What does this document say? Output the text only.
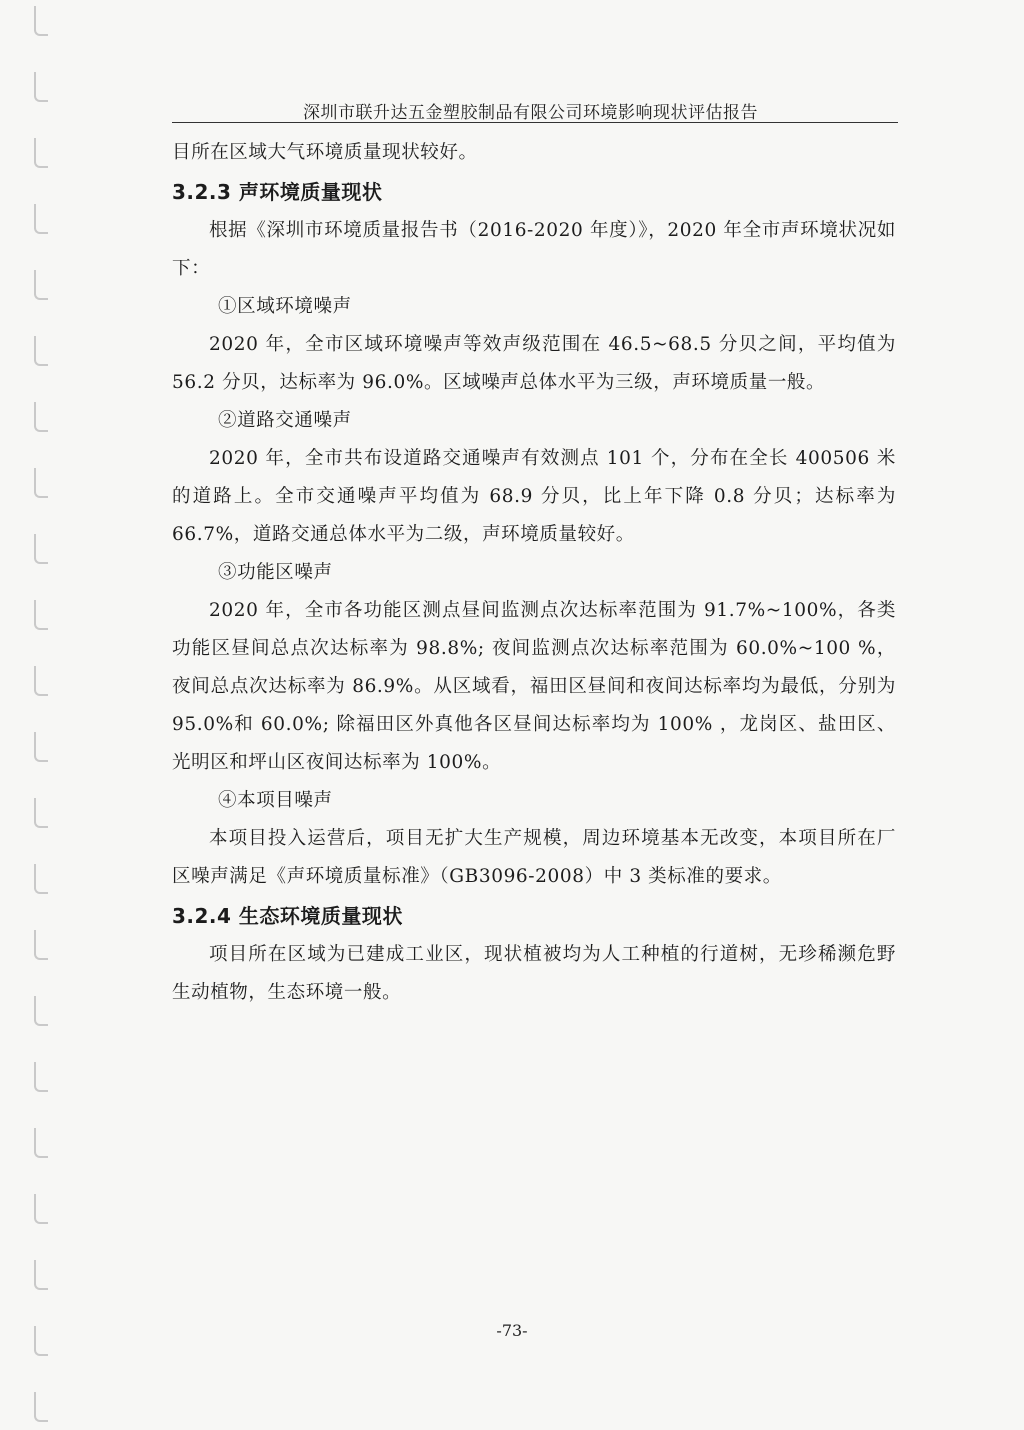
深圳市联升达五金塑胶制品有限公司环境影响现状评估报告

目所在区域大气环境质量现状较好。

3.2.3 声环境质量现状

根据《深圳市环境质量报告书（2016-2020 年度）》，2020 年全市声环境状况如下：

①区域环境噪声

2020 年，全市区域环境噪声等效声级范围在 46.5~68.5 分贝之间，平均值为 56.2 分贝，达标率为 96.0%。区域噪声总体水平为三级，声环境质量一般。

②道路交通噪声

2020 年，全市共布设道路交通噪声有效测点 101 个，分布在全长 400506 米的道路上。全市交通噪声平均值为 68.9 分贝，比上年下降 0.8 分贝；达标率为 66.7%，道路交通总体水平为二级，声环境质量较好。

③功能区噪声

2020 年，全市各功能区测点昼间监测点次达标率范围为 91.7%~100%，各类功能区昼间总点次达标率为 98.8%; 夜间监测点次达标率范围为 60.0%~100 %，夜间总点次达标率为 86.9%。从区域看，福田区昼间和夜间达标率均为最低，分别为 95.0%和 60.0%; 除福田区外真他各区昼间达标率均为 100% ，龙岗区、盐田区、光明区和坪山区夜间达标率为 100%。

④本项目噪声

本项目投入运营后，项目无扩大生产规模，周边环境基本无改变，本项目所在厂区噪声满足《声环境质量标准》（GB3096-2008）中 3 类标准的要求。

3.2.4 生态环境质量现状

项目所在区域为已建成工业区，现状植被均为人工种植的行道树，无珍稀濒危野生动植物，生态环境一般。

-73-
